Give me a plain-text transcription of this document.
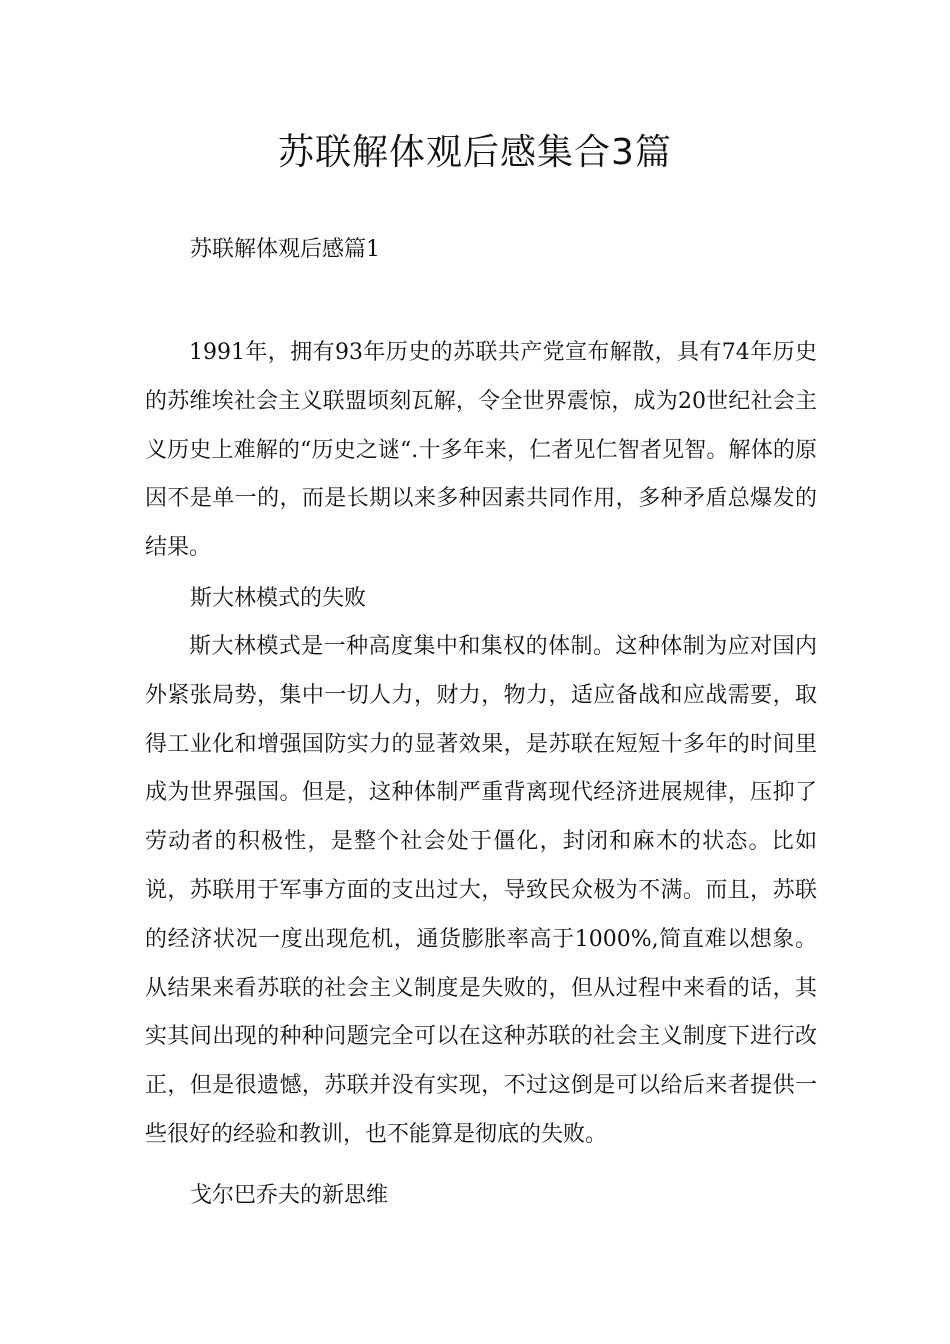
苏联解体观后感集合3篇

苏联解体观后感篇1

1991年，拥有93年历史的苏联共产党宣布解散，具有74年历史的苏维埃社会主义联盟顷刻瓦解，令全世界震惊，成为20世纪社会主义历史上难解的“历史之谜“.十多年来，仁者见仁智者见智。解体的原因不是单一的，而是长期以来多种因素共同作用，多种矛盾总爆发的结果。

斯大林模式的失败

斯大林模式是一种高度集中和集权的体制。这种体制为应对国内外紧张局势，集中一切人力，财力，物力，适应备战和应战需要，取得工业化和增强国防实力的显著效果，是苏联在短短十多年的时间里成为世界强国。但是，这种体制严重背离现代经济进展规律，压抑了劳动者的积极性，是整个社会处于僵化，封闭和麻木的状态。比如说，苏联用于军事方面的支出过大，导致民众极为不满。而且，苏联的经济状况一度出现危机，通货膨胀率高于1000%,简直难以想象。从结果来看苏联的社会主义制度是失败的，但从过程中来看的话，其实其间出现的种种问题完全可以在这种苏联的社会主义制度下进行改正，但是很遗憾，苏联并没有实现，不过这倒是可以给后来者提供一些很好的经验和教训，也不能算是彻底的失败。

戈尔巴乔夫的新思维
